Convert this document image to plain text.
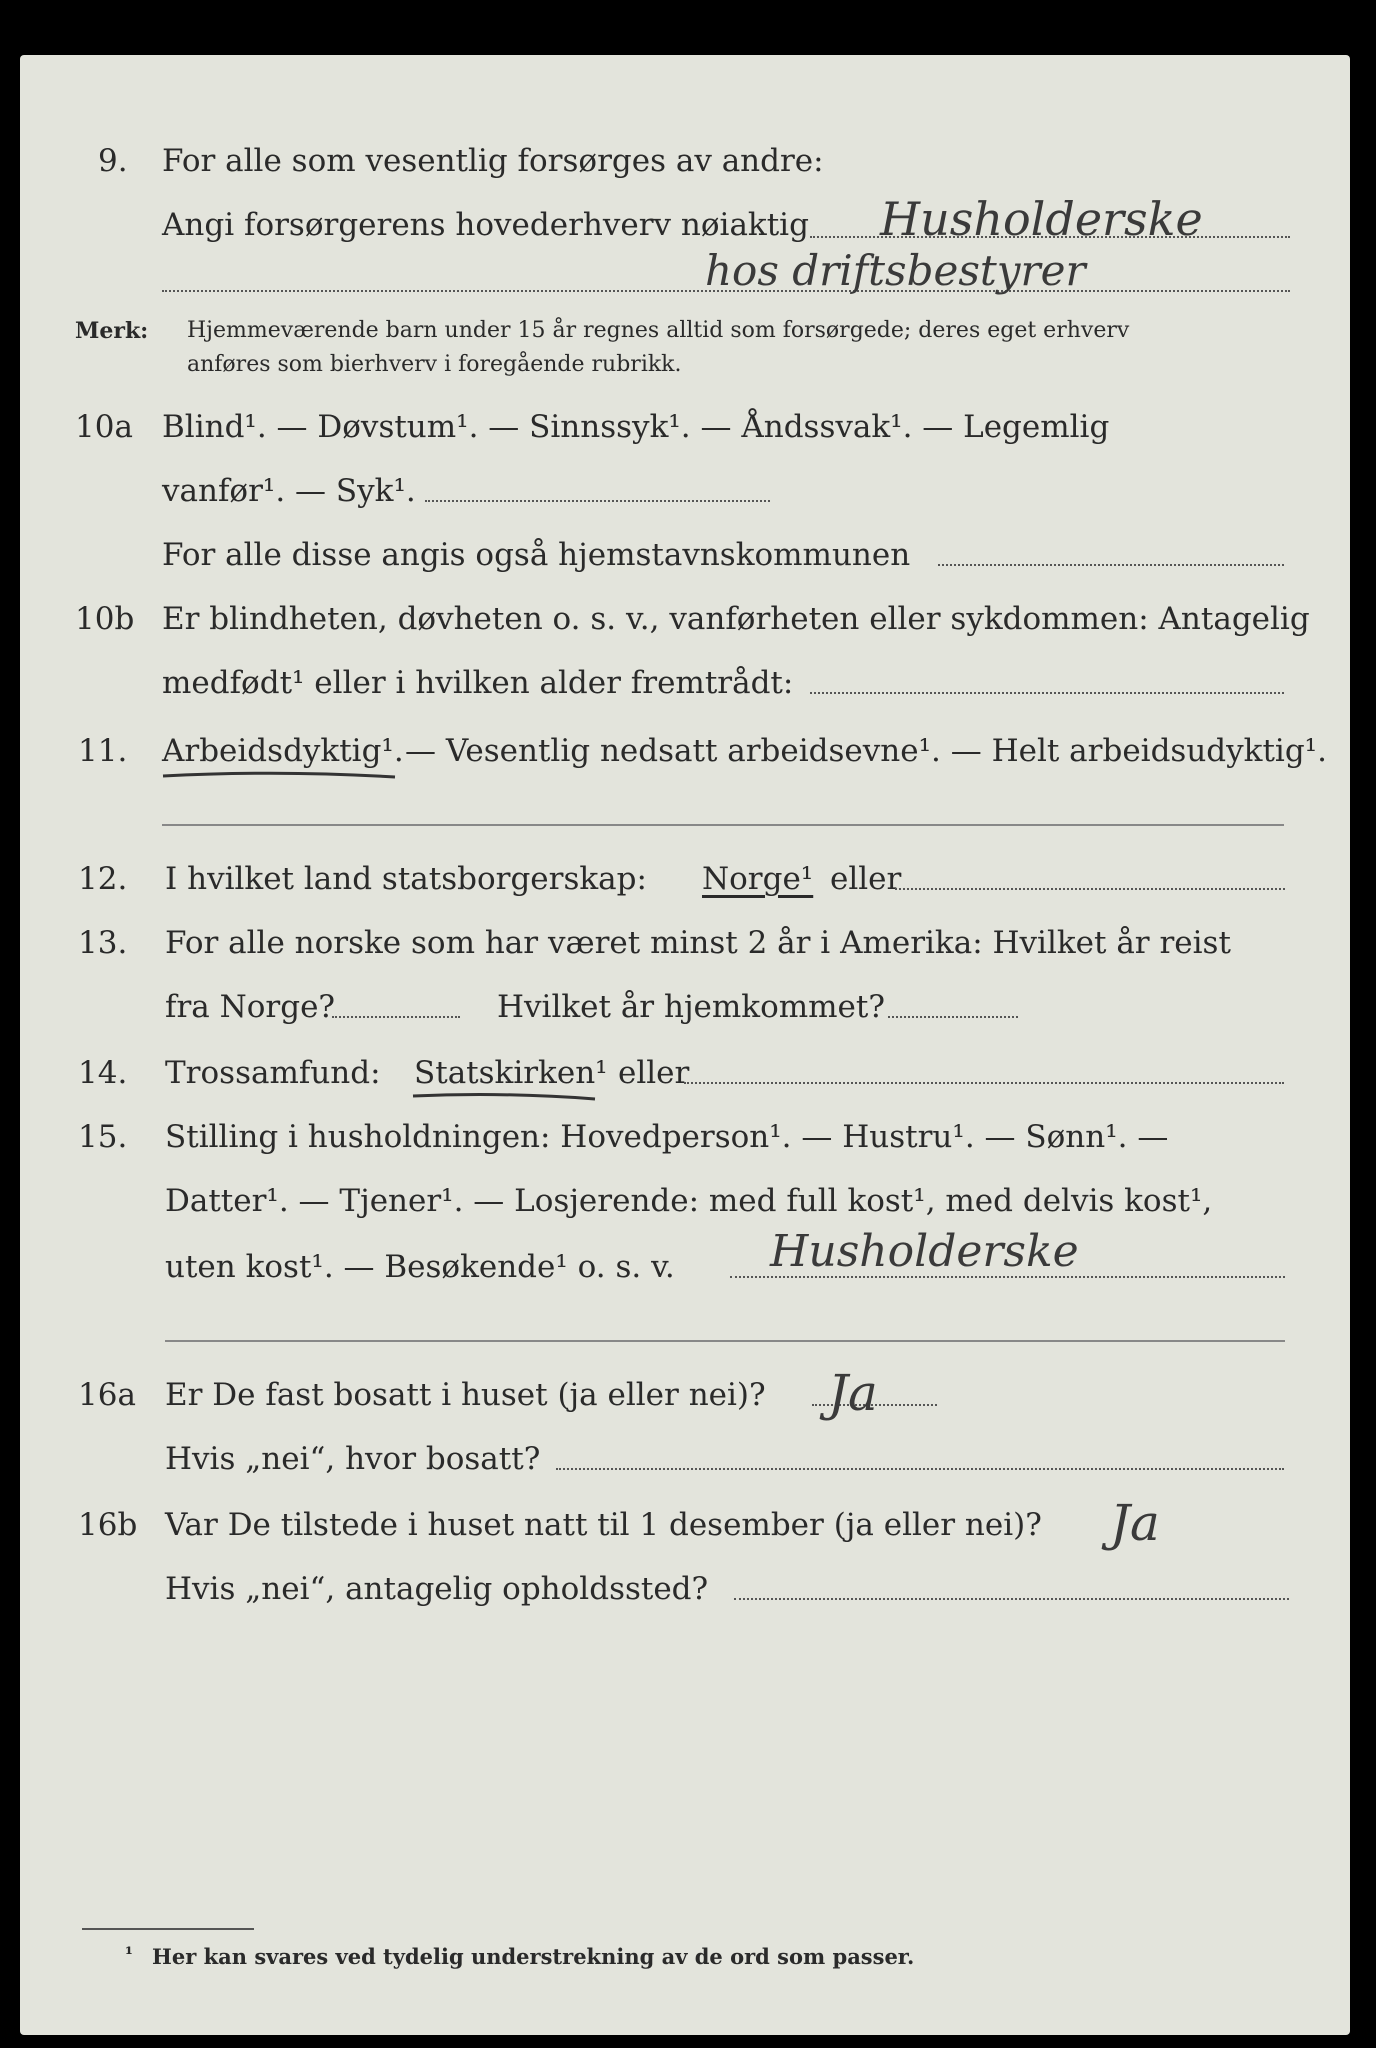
9. For alle som vesentlig forsørges av andre:
Angi forsørgerens hovederhverv nøiaktig Husholderske
hos driftsbestyrer
Merk: Hjemmeværende barn under 15 år regnes alltid som forsørgede; deres eget erhverv
anføres som bierhverv i foregående rubrikk.
10a Blind¹. — Døvstum¹. — Sinnssyk¹. — Åndssvak¹. — Legemlig
vanfør¹. — Syk¹.
For alle disse angis også hjemstavnskommunen
10b Er blindheten, døvheten o. s. v., vanførheten eller sykdommen: Antagelig
medfødt¹ eller i hvilken alder fremtrådt:
11. Arbeidsdyktig¹. — Vesentlig nedsatt arbeidsevne¹. — Helt arbeidsudyktig¹.
12. I hvilket land statsborgerskap: Norge¹ eller
13. For alle norske som har været minst 2 år i Amerika: Hvilket år reist
fra Norge?	Hvilket år hjemkommet?
14. Trossamfund: Statskirken¹ eller
15. Stilling i husholdningen: Hovedperson¹. — Hustru¹. — Sønn¹. —
Datter¹. — Tjener¹. — Losjerende: med full kost¹, med delvis kost¹,
uten kost¹. — Besøkende¹ o. s. v. Husholderske
16a Er De fast bosatt i huset (ja eller nei)? Ja
Hvis „nei“, hvor bosatt?
16b Var De tilstede i huset natt til 1 desember (ja eller nei)? Ja
Hvis „nei“, antagelig opholdssted?
¹ Her kan svares ved tydelig understrekning av de ord som passer.
